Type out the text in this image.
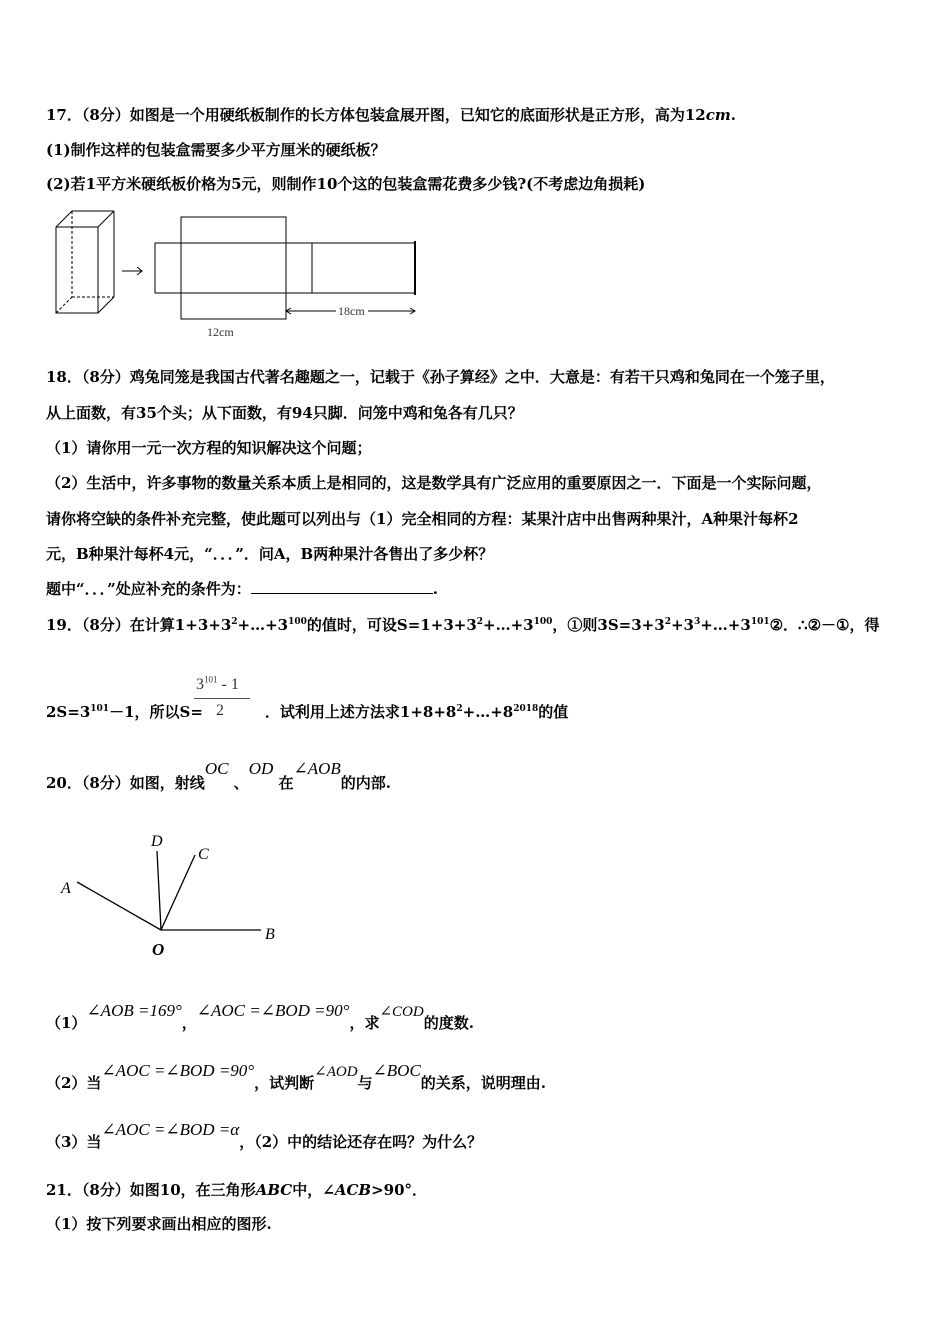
17．（8分）如图是一个用硬纸板制作的长方体包装盒展开图，已知它的底面形状是正方形，高为12cm.
(1)制作这样的包装盒需要多少平方厘米的硬纸板？
(2)若1平方米硬纸板价格为5元，则制作10个这的包装盒需花费多少钱?(不考虑边角损耗)
18cm
12cm
18．（8分）鸡兔同笼是我国古代著名趣题之一，记载于《孙子算经》之中．大意是：有若干只鸡和兔同在一个笼子里，
从上面数，有35个头；从下面数，有94只脚．问笼中鸡和兔各有几只？
（1）请你用一元一次方程的知识解决这个问题；
（2）生活中，许多事物的数量关系本质上是相同的，这是数学具有广泛应用的重要原因之一．下面是一个实际问题，
请你将空缺的条件补充完整，使此题可以列出与（1）完全相同的方程：某果汁店中出售两种果汁，A种果汁每杯2
元，B种果汁每杯4元，“．．．”．问A，B两种果汁各售出了多少杯？
题中“．．．”处应补充的条件为：	.
19．（8分）在计算$1+3+3^2+\dots+3^{100}$的值时，可设$S=1+3+3^2+\dots+3^{100}$，①则$3S=3+3^2+3^3+\dots+3^{101}②$．∴②－①，得
$3^{101} - 1$
2
$2S=3^{101}-1$，所以S=	．试利用上述方法求$1+8+8^2+\dots+8^{2018}$的值
20．（8分）如图，射线OC 、OD 在∠AOB的内部.
A
D
C
B
O
（1）∠AOB =169°，∠AOC =∠BOD =90°，求∠COD的度数.
（2）当∠AOC =∠BOD =90°，试判断∠AOD与∠BOC的关系，说明理由.
（3）当∠AOC =∠BOD =α，（2）中的结论还存在吗？为什么？
21．（8分）如图10，在三角形ABC中，∠ACB>90°．
（1）按下列要求画出相应的图形.
